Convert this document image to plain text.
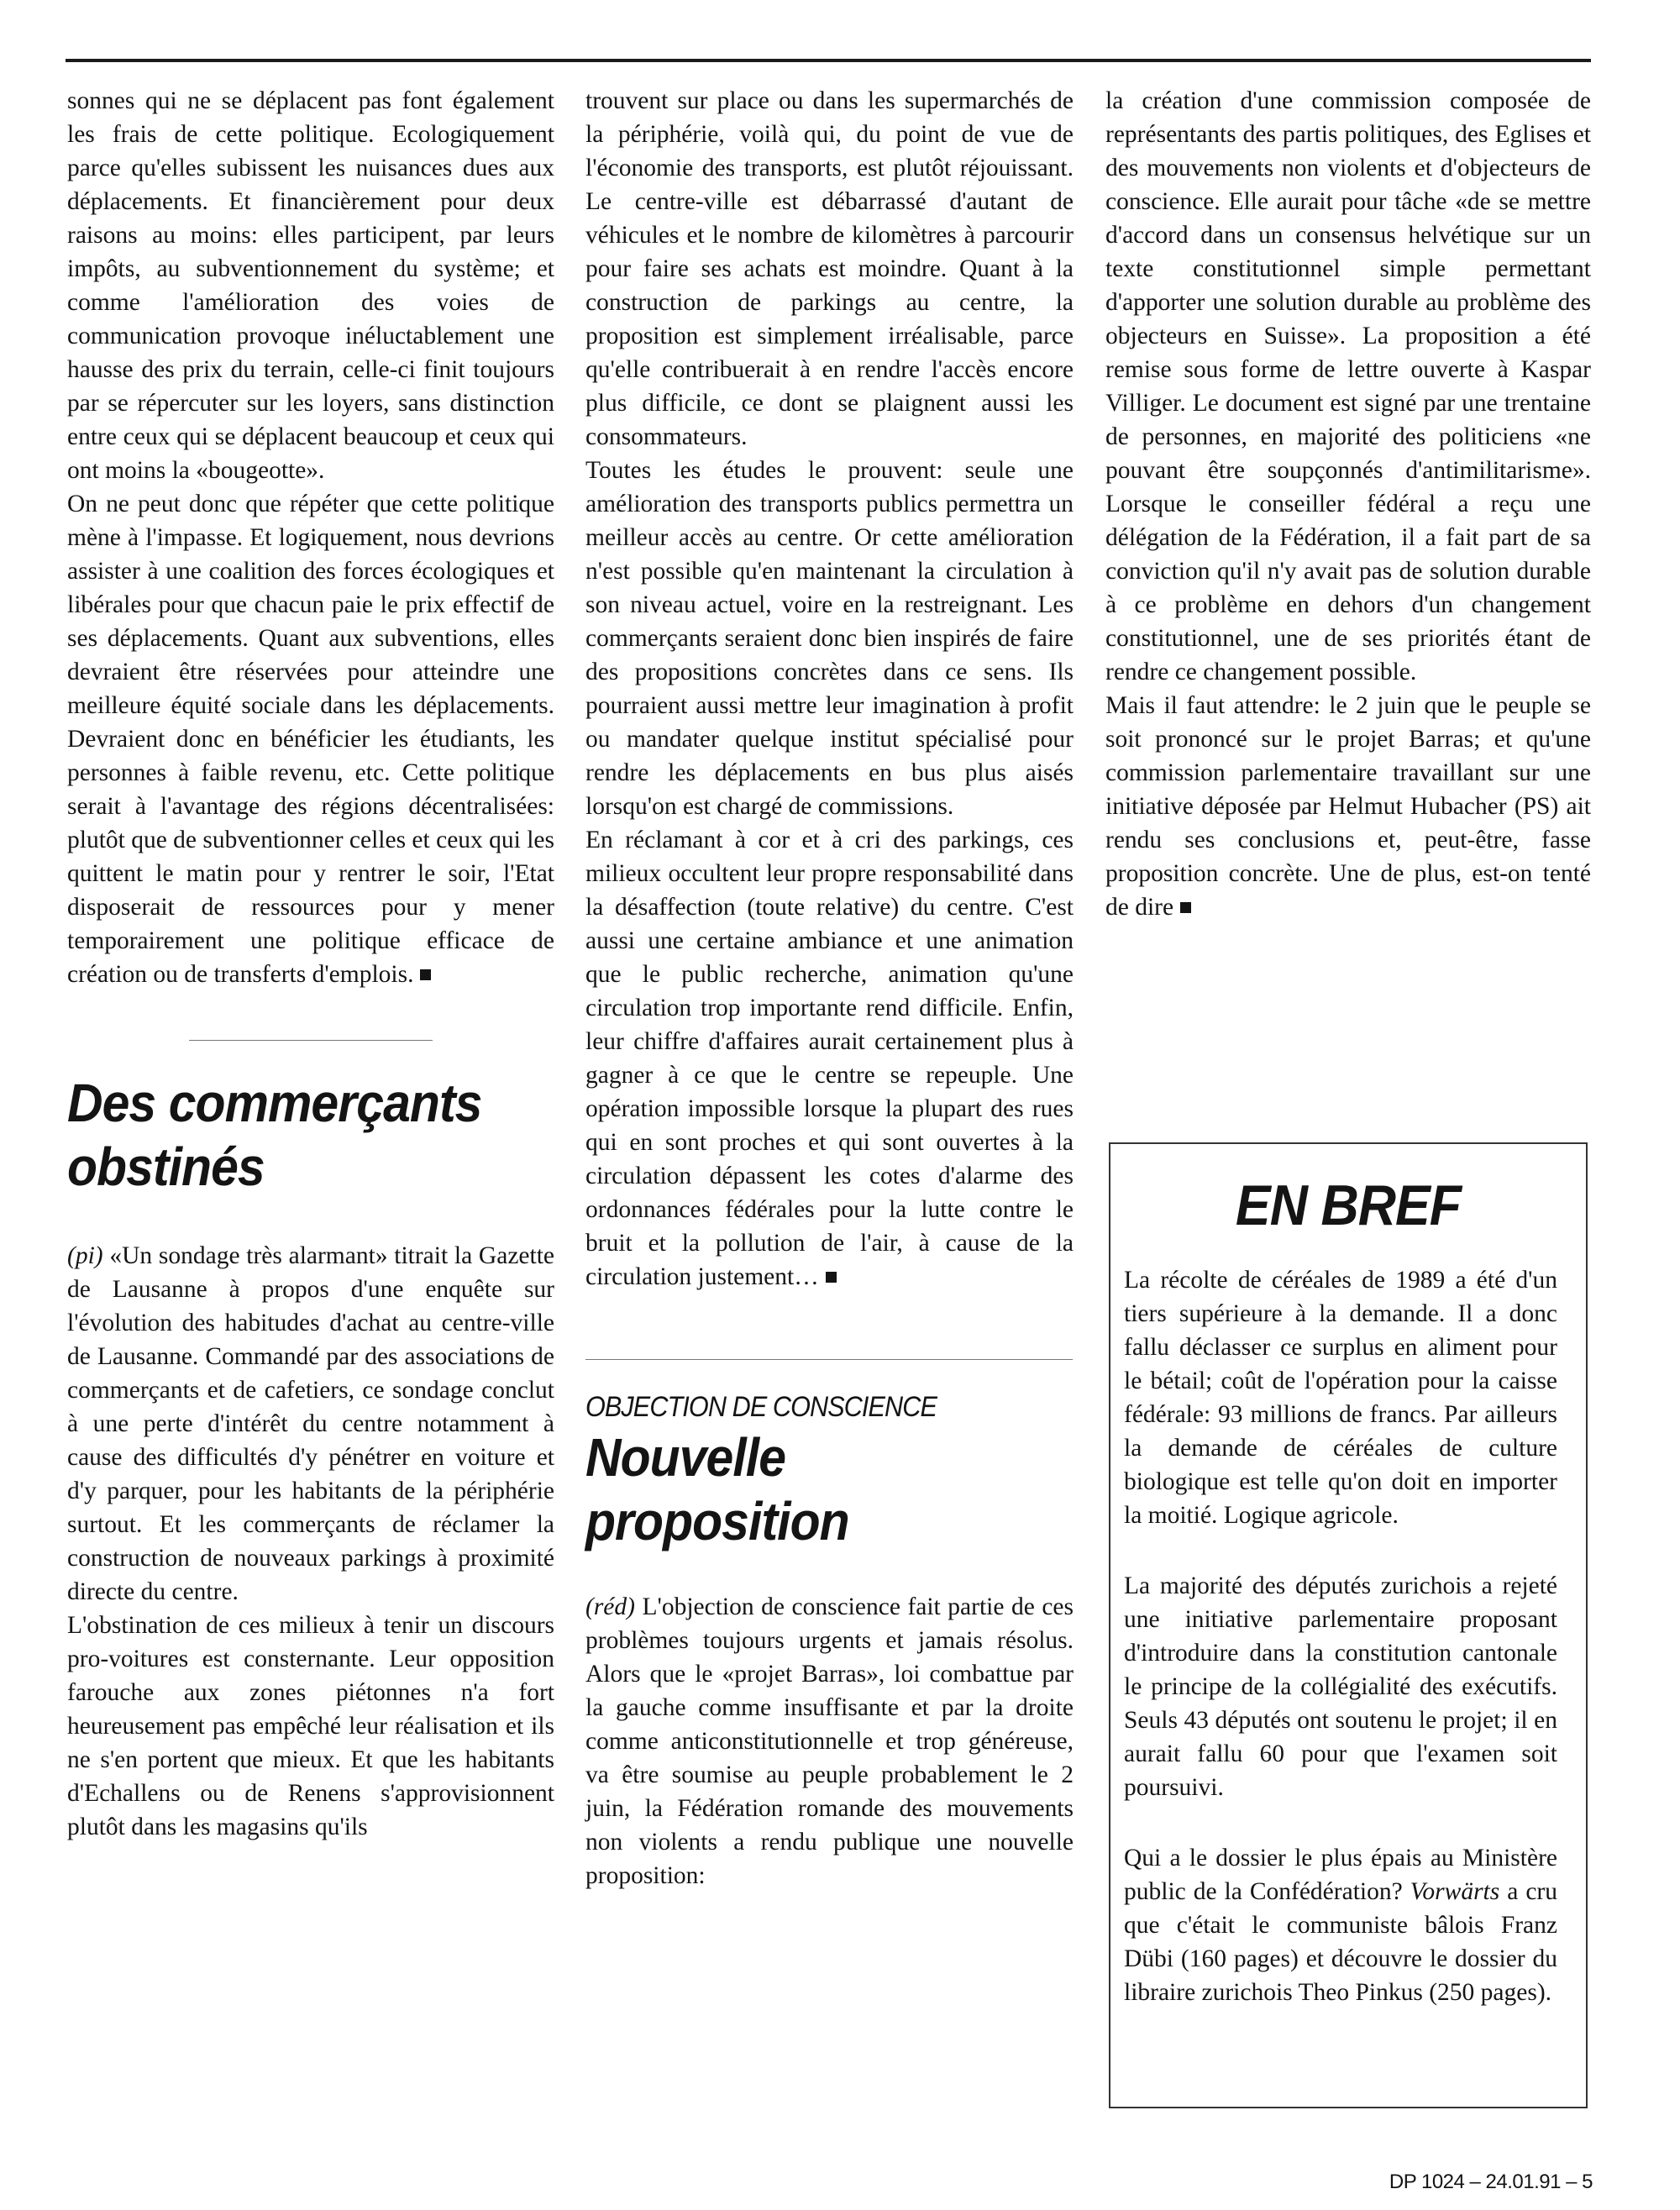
sonnes qui ne se déplacent pas font également les frais de cette politique. Ecologiquement parce qu'elles subissent les nuisances dues aux déplacements. Et financièrement pour deux raisons au moins: elles participent, par leurs impôts, au subventionnement du système; et comme l'amélioration des voies de communication provoque inéluctablement une hausse des prix du terrain, celle-ci finit toujours par se répercuter sur les loyers, sans distinction entre ceux qui se déplacent beaucoup et ceux qui ont moins la «bougeotte».

On ne peut donc que répéter que cette politique mène à l'impasse. Et logiquement, nous devrions assister à une coalition des forces écologiques et libérales pour que chacun paie le prix effectif de ses déplacements. Quant aux subventions, elles devraient être réservées pour atteindre une meilleure équité sociale dans les déplacements. Devraient donc en bénéficier les étudiants, les personnes à faible revenu, etc. Cette politique serait à l'avantage des régions décentralisées: plutôt que de subventionner celles et ceux qui les quittent le matin pour y rentrer le soir, l'Etat disposerait de ressources pour y mener temporairement une politique efficace de création ou de transferts d'emplois.

Des commerçants obstinés

(pi) «Un sondage très alarmant» titrait la Gazette de Lausanne à propos d'une enquête sur l'évolution des habitudes d'achat au centre-ville de Lausanne. Commandé par des associations de commerçants et de cafetiers, ce sondage conclut à une perte d'intérêt du centre notamment à cause des difficultés d'y pénétrer en voiture et d'y parquer, pour les habitants de la périphérie surtout. Et les commerçants de réclamer la construction de nouveaux parkings à proximité directe du centre.

L'obstination de ces milieux à tenir un discours pro-voitures est consternante. Leur opposition farouche aux zones piétonnes n'a fort heureusement pas empêché leur réalisation et ils ne s'en portent que mieux. Et que les habitants d'Echallens ou de Renens s'approvisionnent plutôt dans les magasins qu'ils

trouvent sur place ou dans les supermarchés de la périphérie, voilà qui, du point de vue de l'économie des transports, est plutôt réjouissant. Le centre-ville est débarrassé d'autant de véhicules et le nombre de kilomètres à parcourir pour faire ses achats est moindre. Quant à la construction de parkings au centre, la proposition est simplement irréalisable, parce qu'elle contribuerait à en rendre l'accès encore plus difficile, ce dont se plaignent aussi les consommateurs.

Toutes les études le prouvent: seule une amélioration des transports publics permettra un meilleur accès au centre. Or cette amélioration n'est possible qu'en maintenant la circulation à son niveau actuel, voire en la restreignant. Les commerçants seraient donc bien inspirés de faire des propositions concrètes dans ce sens. Ils pourraient aussi mettre leur imagination à profit ou mandater quelque institut spécialisé pour rendre les déplacements en bus plus aisés lorsqu'on est chargé de commissions.

En réclamant à cor et à cri des parkings, ces milieux occultent leur propre responsabilité dans la désaffection (toute relative) du centre. C'est aussi une certaine ambiance et une animation que le public recherche, animation qu'une circulation trop importante rend difficile. Enfin, leur chiffre d'affaires aurait certainement plus à gagner à ce que le centre se repeuple. Une opération impossible lorsque la plupart des rues qui en sont proches et qui sont ouvertes à la circulation dépassent les cotes d'alarme des ordonnances fédérales pour la lutte contre le bruit et la pollution de l'air, à cause de la circulation justement…

OBJECTION DE CONSCIENCE

Nouvelle proposition

(réd) L'objection de conscience fait partie de ces problèmes toujours urgents et jamais résolus. Alors que le «projet Barras», loi combattue par la gauche comme insuffisante et par la droite comme anticonstitutionnelle et trop généreuse, va être soumise au peuple probablement le 2 juin, la Fédération romande des mouvements non violents a rendu publique une nouvelle proposition:

la création d'une commission composée de représentants des partis politiques, des Eglises et des mouvements non violents et d'objecteurs de conscience. Elle aurait pour tâche «de se mettre d'accord dans un consensus helvétique sur un texte constitutionnel simple permettant d'apporter une solution durable au problème des objecteurs en Suisse». La proposition a été remise sous forme de lettre ouverte à Kaspar Villiger. Le document est signé par une trentaine de personnes, en majorité des politiciens «ne pouvant être soupçonnés d'antimilitarisme». Lorsque le conseiller fédéral a reçu une délégation de la Fédération, il a fait part de sa conviction qu'il n'y avait pas de solution durable à ce problème en dehors d'un changement constitutionnel, une de ses priorités étant de rendre ce changement possible.

Mais il faut attendre: le 2 juin que le peuple se soit prononcé sur le projet Barras; et qu'une commission parlementaire travaillant sur une initiative déposée par Helmut Hubacher (PS) ait rendu ses conclusions et, peut-être, fasse proposition concrète. Une de plus, est-on tenté de dire

EN BREF

La récolte de céréales de 1989 a été d'un tiers supérieure à la demande. Il a donc fallu déclasser ce surplus en aliment pour le bétail; coût de l'opération pour la caisse fédérale: 93 millions de francs. Par ailleurs la demande de céréales de culture biologique est telle qu'on doit en importer la moitié. Logique agricole.

La majorité des députés zurichois a rejeté une initiative parlementaire proposant d'introduire dans la constitution cantonale le principe de la collégialité des exécutifs. Seuls 43 députés ont soutenu le projet; il en aurait fallu 60 pour que l'examen soit poursuivi.

Qui a le dossier le plus épais au Ministère public de la Confédération? Vorwärts a cru que c'était le communiste bâlois Franz Dübi (160 pages) et découvre le dossier du libraire zurichois Theo Pinkus (250 pages).

DP 1024 – 24.01.91 – 5
